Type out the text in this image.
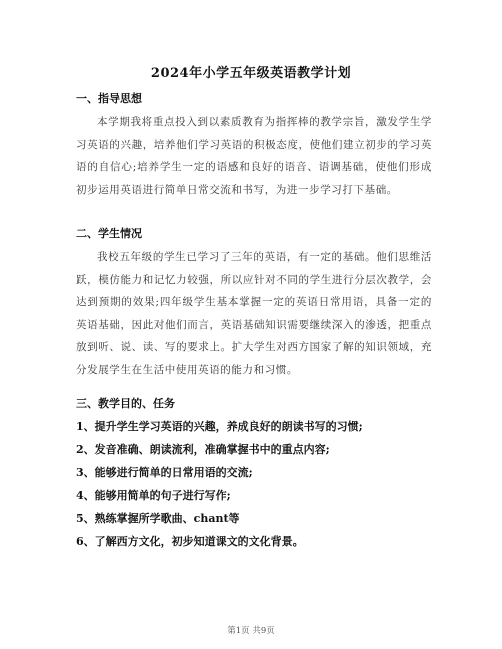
2024年小学五年级英语教学计划
一、指导思想
本学期我将重点投入到以素质教育为指挥棒的教学宗旨，激发学生学习英语的兴趣，培养他们学习英语的积极态度，使他们建立初步的学习英语的自信心;培养学生一定的语感和良好的语音、语调基础，使他们形成初步运用英语进行简单日常交流和书写，为进一步学习打下基础。
二、学生情况
我校五年级的学生已学习了三年的英语，有一定的基础。他们思维活跃，模仿能力和记忆力较强，所以应针对不同的学生进行分层次教学，会达到预期的效果;四年级学生基本掌握一定的英语日常用语，具备一定的英语基础，因此对他们而言，英语基础知识需要继续深入的渗透，把重点放到听、说、读、写的要求上。扩大学生对西方国家了解的知识领域，充分发展学生在生活中使用英语的能力和习惯。
三、教学目的、任务
1、提升学生学习英语的兴趣，养成良好的朗读书写的习惯;
2、发音准确、朗读流利，准确掌握书中的重点内容;
3、能够进行简单的日常用语的交流;
4、能够用简单的句子进行写作;
5、熟练掌握所学歌曲、chant等
6、了解西方文化，初步知道课文的文化背景。
第1页 共9页
